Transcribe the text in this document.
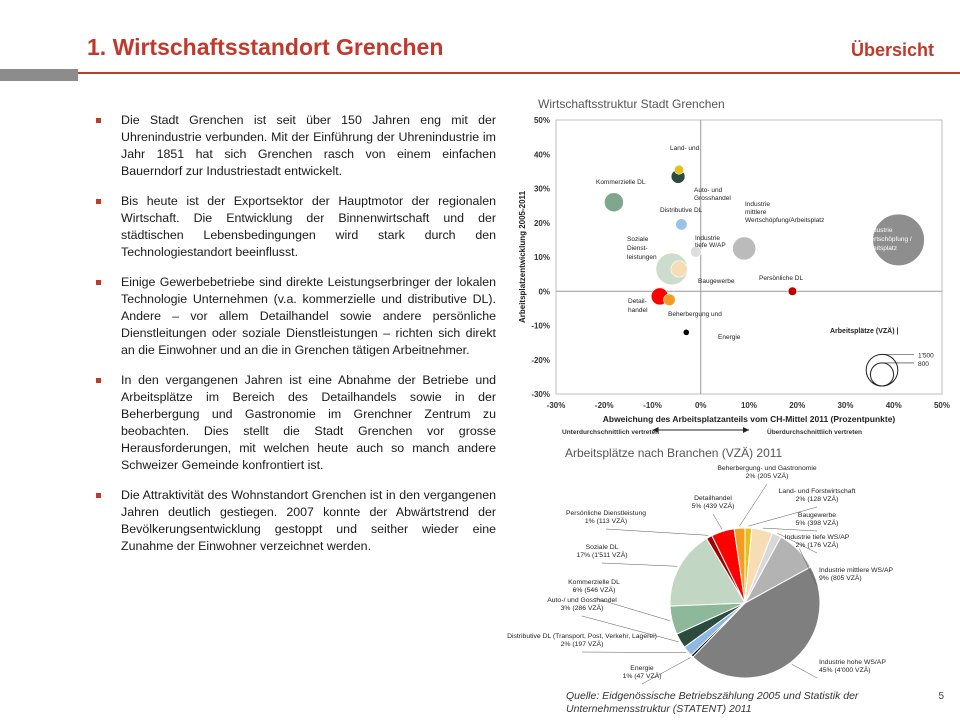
1. Wirtschaftsstandort Grenchen	Übersicht
Die Stadt Grenchen ist seit über 150 Jahren eng mit der Uhrenindustrie verbunden. Mit der Einführung der Uhrenindustrie im Jahr 1851 hat sich Grenchen rasch von einem einfachen Bauerndorf zur Industriestadt entwickelt.
Bis heute ist der Exportsektor der Hauptmotor der regionalen Wirtschaft. Die Entwicklung der Binnenwirtschaft und der städtischen Lebensbedingungen wird stark durch den Technologiestandort beeinflusst.
Einige Gewerbebetriebe sind direkte Leistungserbringer der lokalen Technologie Unternehmen (v.a. kommerzielle und distributive DL). Andere – vor allem Detailhandel sowie andere persönliche Dienstleitungen oder soziale Dienstleistungen – richten sich direkt an die Einwohner und an die in Grenchen tätigen Arbeitnehmer.
In den vergangenen Jahren ist eine Abnahme der Betriebe und Arbeitsplätze im Bereich des Detailhandels sowie in der Beherbergung und Gastronomie im Grenchner Zentrum zu beobachten. Dies stellt die Stadt Grenchen vor grosse Herausforderungen, mit welchen heute auch so manch andere Schweizer Gemeinde konfrontiert ist.
Die Attraktivität des Wohnstandort Grenchen ist in den vergangenen Jahren deutlich gestiegen. 2007 konnte der Abwärtstrend der Bevölkerungsentwicklung gestoppt und seither wieder eine Zunahme der Einwohner verzeichnet werden.
Wirtschaftsstruktur Stadt Grenchen
-30%	-20%	-10%	0%	10%	20%	30%	40%	50%
50%
40%
30%
20%
10%
0%
-10%
-20%
-30%
Abweichung des Arbeitsplatzanteils vom CH-Mittel 2011 (Prozentpunkte)
Arbeitsplatzentwicklung 2005-2011
Unterdurchschnittlich vertreten	Überdurchschnittlich vertreten
Land- und
Auto- und
Grosshandel
Kommerzielle DL
Distributive DL
Soziale
Dienst-
leistungen
Industrie
tiefe W/AP
Industrie
mittlere
Wertschöpfung/Arbeitsplatz
Baugewerbe	Persönliche DL
Detail-
handel
Beherbergung und
Energie
Industrie
hohe Wertschöpfung /
Arbeitsplatz
Arbeitsplätze (VZÄ) |
1'500
800
Arbeitsplätze nach Branchen (VZÄ) 2011
Land- und Forstwirtschaft
2% (128 VZÄ)
Baugewerbe
5% (398 VZÄ)
Industrie tiefe WS/AP
2% (176 VZÄ)
Industrie mittlere WS/AP
9% (805 VZÄ)
Industrie hohe WS/AP
45% (4'000 VZÄ)
Energie
1% (47 VZÄ)
Distributive DL (Transport, Post, Verkehr, Lagerei)
2% (197 VZÄ)
Auto-/ und Gosshandel
3% (286 VZÄ)
Kommerzielle DL
6% (546 VZÄ)
Soziale DL
17% (1'511 VZÄ)
Persönliche Dienstleistung
1% (113 VZÄ)
Detailhandel
5% (439 VZÄ)
Beherbergung- und Gastronomie
2% (205 VZÄ)
Quelle: Eidgenössische Betriebszählung 2005 und Statistik der Unternehmensstruktur (STATENT) 2011
5
